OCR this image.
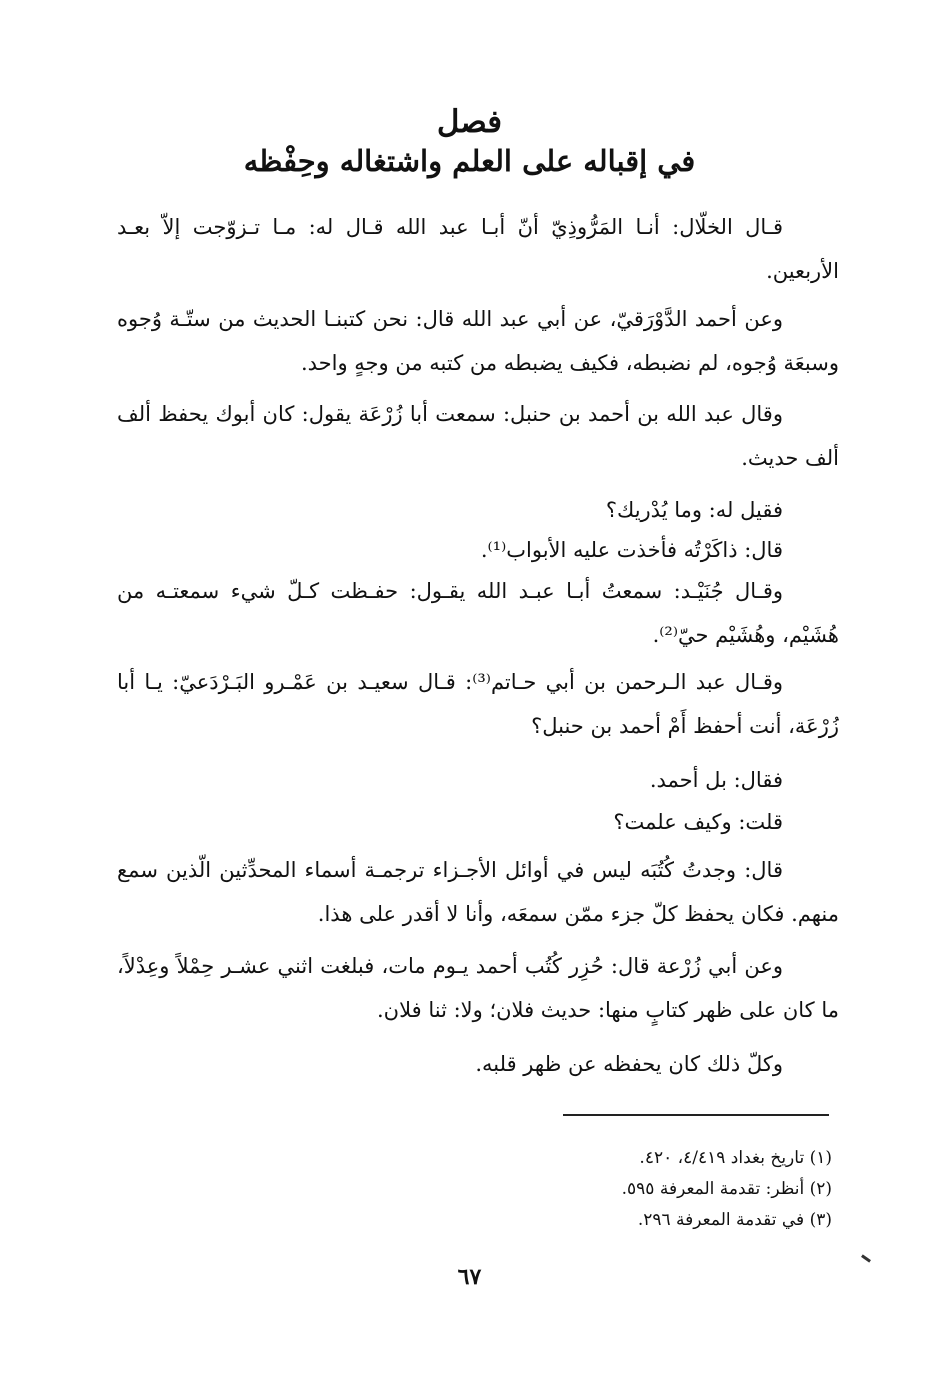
فصل
في إقباله على العلم واشتغاله وحِفْظه

قـال الخلّال: أنـا المَرُّوذِيّ أنّ أبـا عبد الله قـال له: مـا تـزوّجت إلاّ بعـد الأربعين.

وعن أحمد الدَّوْرَقيّ، عن أبي عبد الله قال: نحن كتبنـا الحديث من ستّـة وُجوه وسبعَة وُجوه، لم نضبطه، فكيف يضبطه من كتبه من وجهٍ واحد.

وقال عبد الله بن أحمد بن حنبل: سمعت أبا زُرْعَة يقول: كان أبوك يحفظ ألف ألف حديث.

فقيل له: وما يُدْريك؟

قال: ذاكَرْتُه فأخذت عليه الأبواب⁽¹⁾.

وقـال جُنَيْـد: سمعتُ أبـا عبـد الله يقـول: حفـظت كـلّ شيء سمعتـه من هُشَيْم، وهُشَيْم حيّ⁽²⁾.

وقـال عبد الـرحمن بن أبي حـاتم⁽³⁾: قـال سعيـد بن عَمْـرو البَـرْدَعيّ: يـا أبا زُرْعَة، أنت أحفظ أَمْ أحمد بن حنبل؟

فقال: بل أحمد.

قلت: وكيف علمت؟

قال: وجدتُ كُتُبَه ليس في أوائل الأجـزاء ترجمـة أسماء المحدِّثين الّذين سمع منهم. فكان يحفظ كلّ جزء ممّن سمعَه، وأنا لا أقدر على هذا.

وعن أبي زُرْعة قال: حُزِر كُتُب أحمد يـوم مات، فبلغت اثني عشـر حِمْلاً وعِدْلاً، ما كان على ظهر كتابٍ منها: حديث فلان؛ ولا: ثنا فلان.

وكلّ ذلك كان يحفظه عن ظهر قلبه.

(١) تاريخ بغداد ٤/٤١٩، ٤٢٠.
(٢) أنظر: تقدمة المعرفة ٥٩٥.
(٣) في تقدمة المعرفة ٢٩٦.
٦٧
